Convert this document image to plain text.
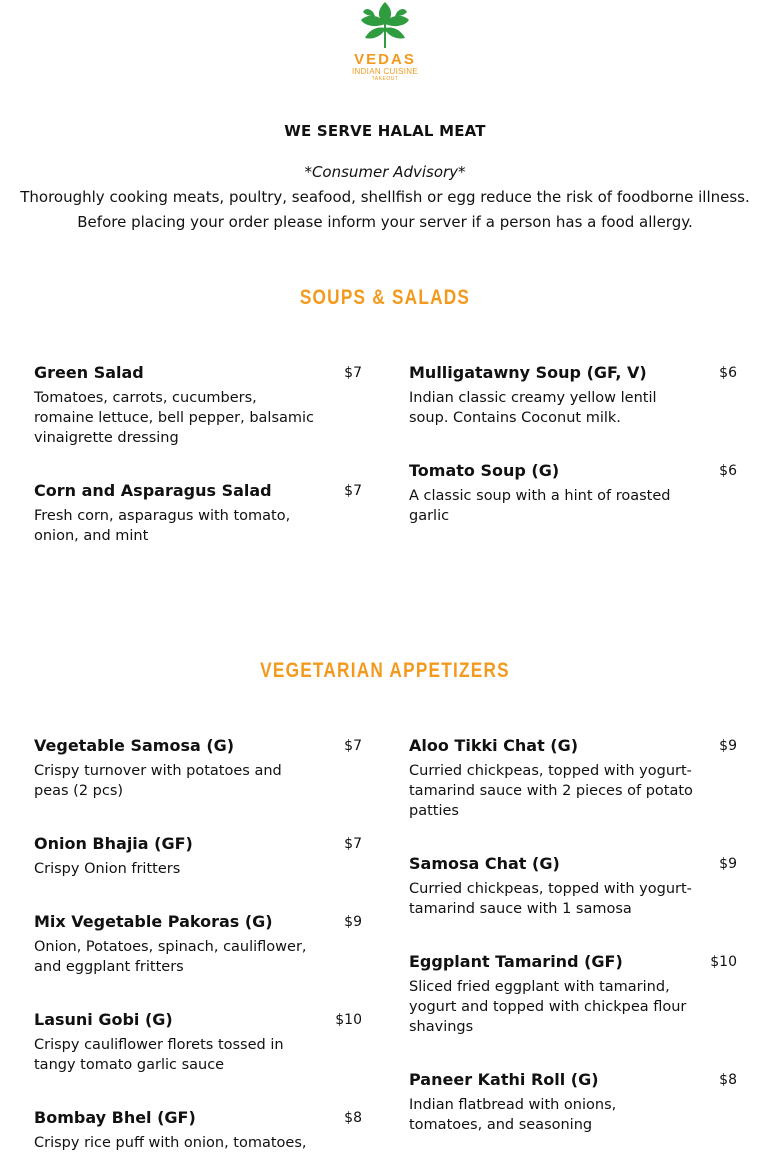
VEDAS
INDIAN CUISINE
TAKEOUT
WE SERVE HALAL MEAT
*Consumer Advisory*
Thoroughly cooking meats, poultry, seafood, shellfish or egg reduce the risk of foodborne illness.
Before placing your order please inform your server if a person has a food allergy.
SOUPS & SALADS
Green Salad	$7
Tomatoes, carrots, cucumbers, romaine lettuce, bell pepper, balsamic vinaigrette dressing
Corn and Asparagus Salad	$7
Fresh corn, asparagus with tomato, onion, and mint
Mulligatawny Soup (GF, V)	$6
Indian classic creamy yellow lentil soup. Contains Coconut milk.
Tomato Soup (G)	$6
A classic soup with a hint of roasted garlic
VEGETARIAN APPETIZERS
Vegetable Samosa (G)	$7
Crispy turnover with potatoes and peas (2 pcs)
Onion Bhajia (GF)	$7
Crispy Onion fritters
Mix Vegetable Pakoras (G)	$9
Onion, Potatoes, spinach, cauliflower, and eggplant fritters
Lasuni Gobi (G)	$10
Crispy cauliflower florets tossed in tangy tomato garlic sauce
Bombay Bhel (GF)	$8
Crispy rice puff with onion, tomatoes,
Aloo Tikki Chat (G)	$9
Curried chickpeas, topped with yogurt-tamarind sauce with 2 pieces of potato patties
Samosa Chat (G)	$9
Curried chickpeas, topped with yogurt-tamarind sauce with 1 samosa
Eggplant Tamarind (GF)	$10
Sliced fried eggplant with tamarind, yogurt and topped with chickpea flour shavings
Paneer Kathi Roll (G)	$8
Indian flatbread with onions, tomatoes, and seasoning
